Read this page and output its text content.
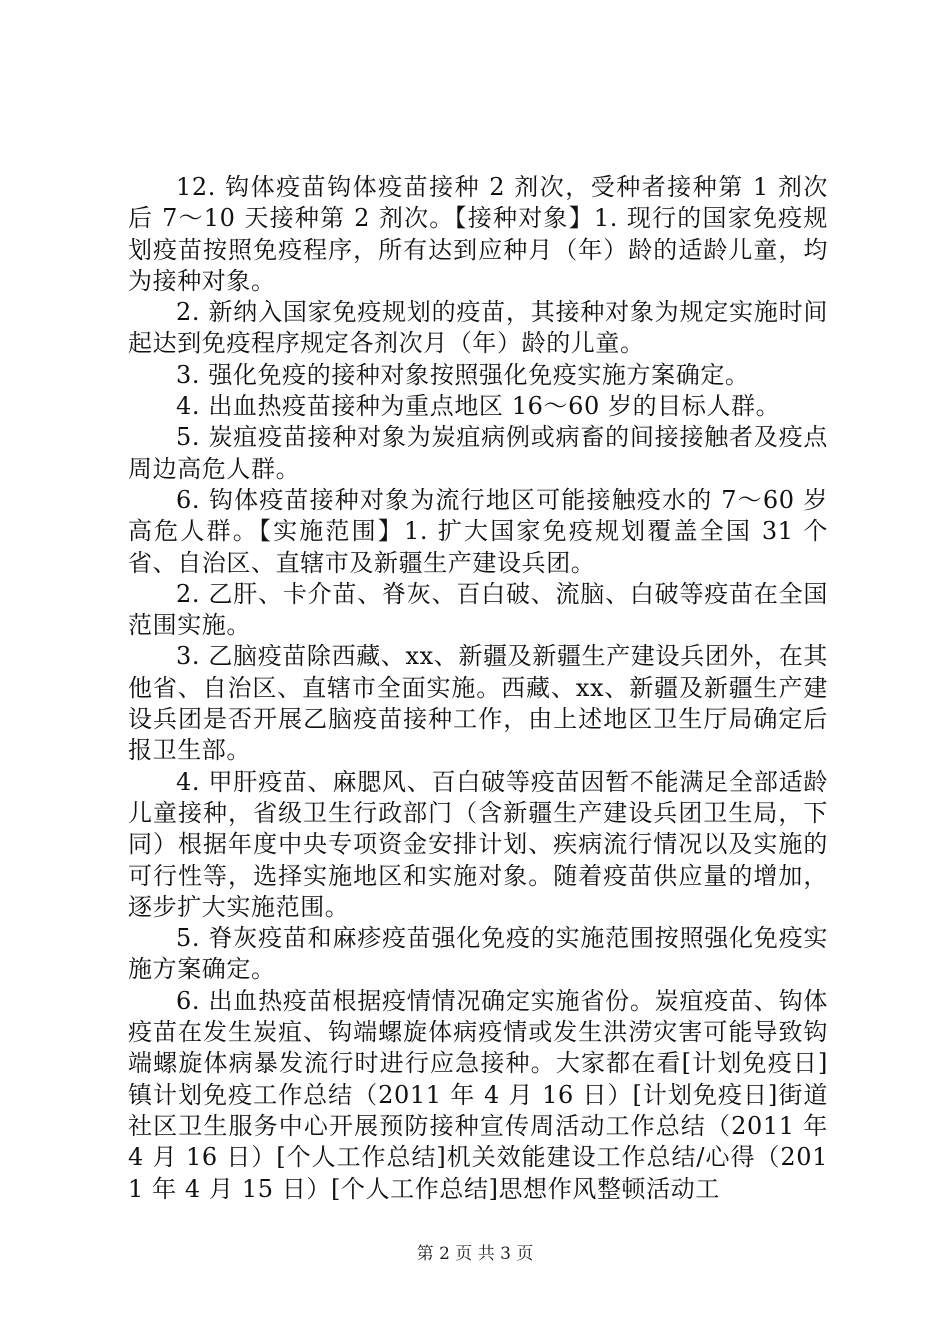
12. 钩体疫苗钩体疫苗接种 2 剂次，受种者接种第 1 剂次后 7～10 天接种第 2 剂次。【接种对象】1. 现行的国家免疫规划疫苗按照免疫程序，所有达到应种月（年）龄的适龄儿童，均为接种对象。

2. 新纳入国家免疫规划的疫苗，其接种对象为规定实施时间起达到免疫程序规定各剂次月（年）龄的儿童。

3. 强化免疫的接种对象按照强化免疫实施方案确定。

4. 出血热疫苗接种为重点地区 16～60 岁的目标人群。

5. 炭疽疫苗接种对象为炭疽病例或病畜的间接接触者及疫点周边高危人群。

6. 钩体疫苗接种对象为流行地区可能接触疫水的 7～60 岁高危人群。【实施范围】1. 扩大国家免疫规划覆盖全国 31 个省、自治区、直辖市及新疆生产建设兵团。

2. 乙肝、卡介苗、脊灰、百白破、流脑、白破等疫苗在全国范围实施。

3. 乙脑疫苗除西藏、xx、新疆及新疆生产建设兵团外，在其他省、自治区、直辖市全面实施。西藏、xx、新疆及新疆生产建设兵团是否开展乙脑疫苗接种工作，由上述地区卫生厅局确定后报卫生部。

4. 甲肝疫苗、麻腮风、百白破等疫苗因暂不能满足全部适龄儿童接种，省级卫生行政部门（含新疆生产建设兵团卫生局，下同）根据年度中央专项资金安排计划、疾病流行情况以及实施的可行性等，选择实施地区和实施对象。随着疫苗供应量的增加，逐步扩大实施范围。

5. 脊灰疫苗和麻疹疫苗强化免疫的实施范围按照强化免疫实施方案确定。

6. 出血热疫苗根据疫情情况确定实施省份。炭疽疫苗、钩体疫苗在发生炭疽、钩端螺旋体病疫情或发生洪涝灾害可能导致钩端螺旋体病暴发流行时进行应急接种。大家都在看[计划免疫日]镇计划免疫工作总结（2011 年 4 月 16 日）[计划免疫日]街道社区卫生服务中心开展预防接种宣传周活动工作总结（2011 年 4 月 16 日）[个人工作总结]机关效能建设工作总结/心得（2011 年 4 月 15 日）[个人工作总结]思想作风整顿活动工

第 2 页 共 3 页
